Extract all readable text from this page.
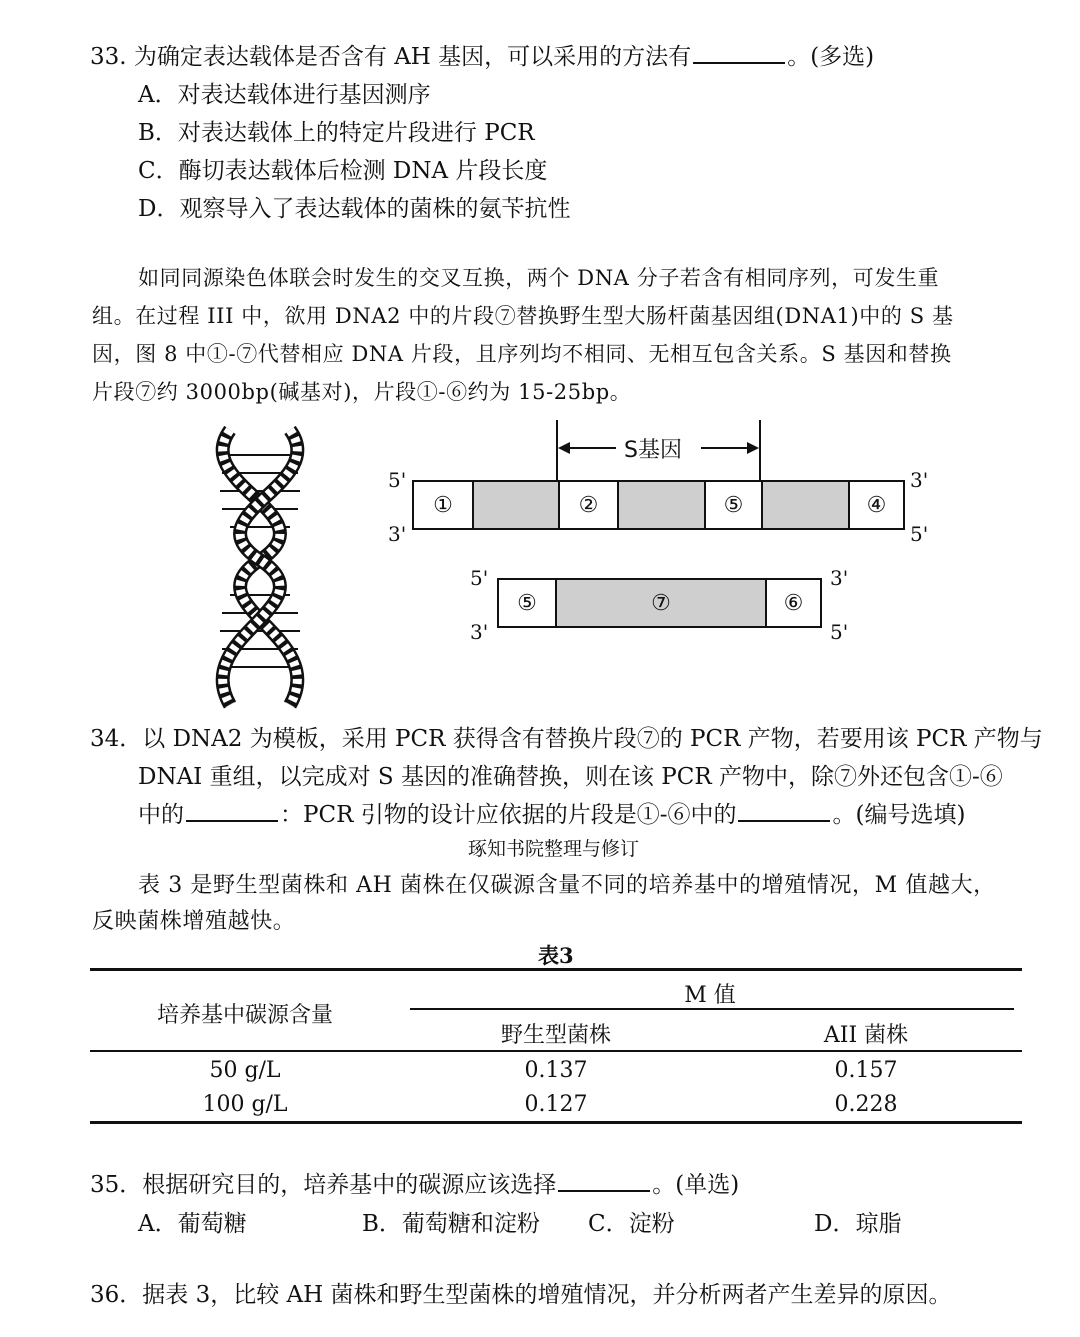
33. 为确定表达载体是否含有 AH 基因，可以采用的方法有	。(多选)
A．对表达载体进行基因测序
B．对表达载体上的特定片段进行 PCR
C．酶切表达载体后检测 DNA 片段长度
D．观察导入了表达载体的菌株的氨苄抗性
如同同源染色体联会时发生的交叉互换，两个 DNA 分子若含有相同序列，可发生重
组。在过程 III 中，欲用 DNA2 中的片段⑦替换野生型大肠杆菌基因组(DNA1)中的 S 基
因，图 8 中①-⑦代替相应 DNA 片段，且序列均不相同、无相互包含关系。S 基因和替换
片段⑦约 3000bp(碱基对)，片段①-⑥约为 15-25bp。
S基因
5'
3'
3'
5'
①	②	⑤	④
5'
3'
3'
5'
⑤	⑦	⑥
34．以 DNA2 为模板，采用 PCR 获得含有替换片段⑦的 PCR 产物，若要用该 PCR 产物与
DNAI 重组，以完成对 S 基因的准确替换，则在该 PCR 产物中，除⑦外还包含①-⑥
中的	：PCR 引物的设计应依据的片段是①-⑥中的	。(编号选填)
琢知书院整理与修订
表 3 是野生型菌株和 AH 菌株在仅碳源含量不同的培养基中的增殖情况，M 值越大，
反映菌株增殖越快。
表3
培养基中碳源含量
M 值
野生型菌株	AII 菌株
50 g/L	0.137	0.157
100 g/L	0.127	0.228
35．根据研究目的，培养基中的碳源应该选择	。(单选)
A．葡萄糖	B．葡萄糖和淀粉 C．淀粉	D．琼脂
36．据表 3，比较 AH 菌株和野生型菌株的增殖情况，并分析两者产生差异的原因。
